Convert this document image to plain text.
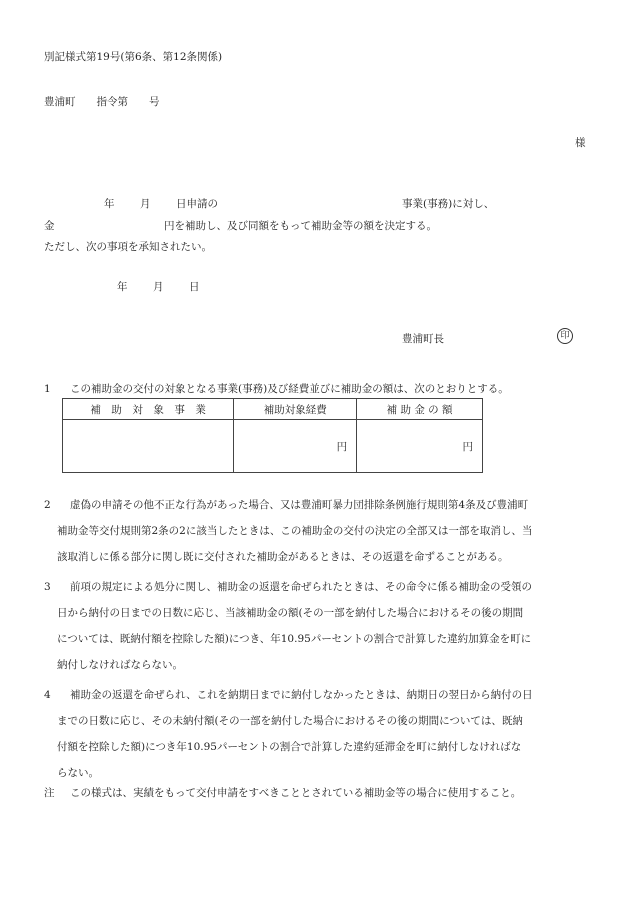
別記様式第19号(第6条、第12条関係)
豊浦町　　指令第　　号
様
年 月 日申請の	事業(事務)に対し、
金	円を補助し、及び同額をもって補助金等の額を決定する。
ただし、次の事項を承知されたい。
年 月 日
豊浦町長	印
1 この補助金の交付の対象となる事業(事務)及び経費並びに補助金の額は、次のとおりとする。
補　助　対　象　事　業	補助対象経費	補 助 金 の 額
	円	円
2 虚偽の申請その他不正な行為があった場合、又は豊浦町暴力団排除条例施行規則第4条及び豊浦町
補助金等交付規則第2条の2に該当したときは、この補助金の交付の決定の全部又は一部を取消し、当
該取消しに係る部分に関し既に交付された補助金があるときは、その返還を命ずることがある。
3 前項の規定による処分に関し、補助金の返還を命ぜられたときは、その命令に係る補助金の受領の
日から納付の日までの日数に応じ、当該補助金の額(その一部を納付した場合におけるその後の期間
については、既納付額を控除した額)につき、年10.95パーセントの割合で計算した違約加算金を町に
納付しなければならない。
4 補助金の返還を命ぜられ、これを納期日までに納付しなかったときは、納期日の翌日から納付の日
までの日数に応じ、その未納付額(その一部を納付した場合におけるその後の期間については、既納
付額を控除した額)につき年10.95パーセントの割合で計算した違約延滞金を町に納付しなければな
らない。
注 この様式は、実績をもって交付申請をすべきこととされている補助金等の場合に使用すること。
